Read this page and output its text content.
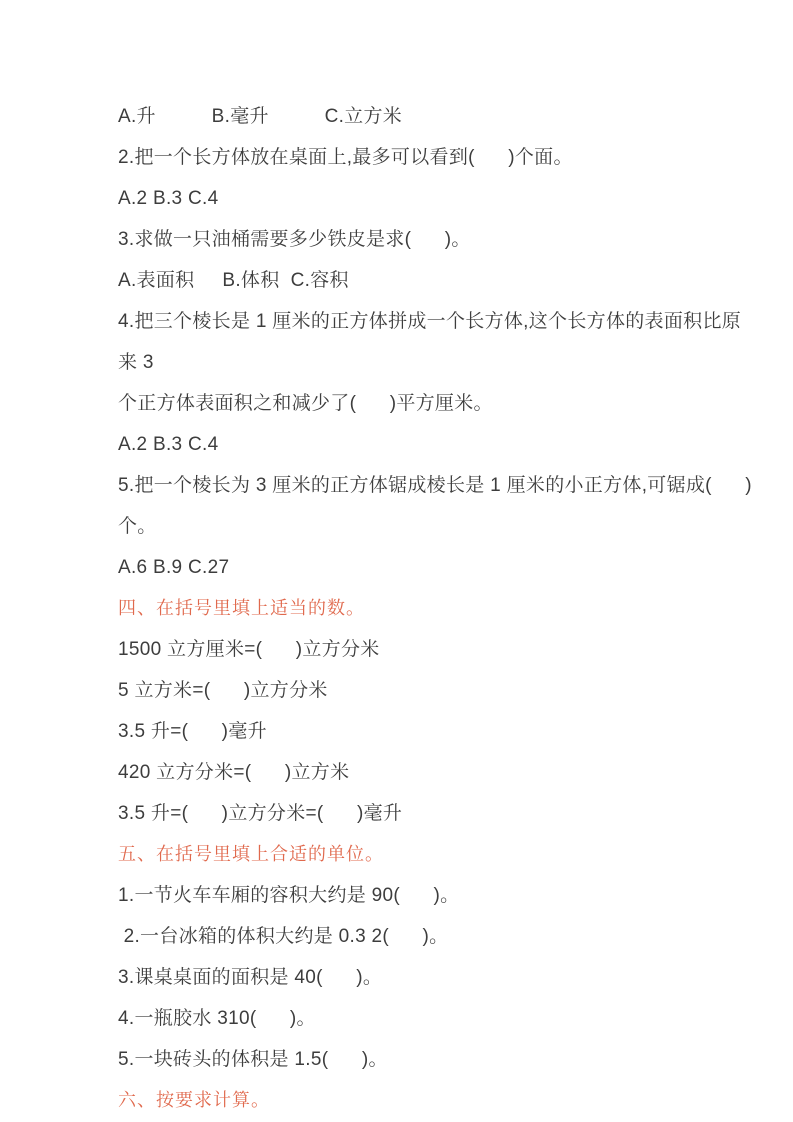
A.升          B.毫升          C.立方米

2.把一个长方体放在桌面上,最多可以看到(      )个面。

A.2 B.3 C.4

3.求做一只油桶需要多少铁皮是求(      )。

A.表面积     B.体积  C.容积

4.把三个棱长是 1 厘米的正方体拼成一个长方体,这个长方体的表面积比原来 3

个正方体表面积之和减少了(      )平方厘米。

A.2 B.3 C.4

5.把一个棱长为 3 厘米的正方体锯成棱长是 1 厘米的小正方体,可锯成(      )个。

A.6 B.9 C.27

四、在括号里填上适当的数。

1500 立方厘米=(      )立方分米

5 立方米=(      )立方分米

3.5 升=(      )毫升

420 立方分米=(      )立方米

3.5 升=(      )立方分米=(      )毫升

五、在括号里填上合适的单位。

1.一节火车车厢的容积大约是 90(      )。

2.一台冰箱的体积大约是 0.3 2(      )。

3.课桌桌面的面积是 40(      )。

4.一瓶胶水 310(      )。

5.一块砖头的体积是 1.5(      )。

六、按要求计算。
